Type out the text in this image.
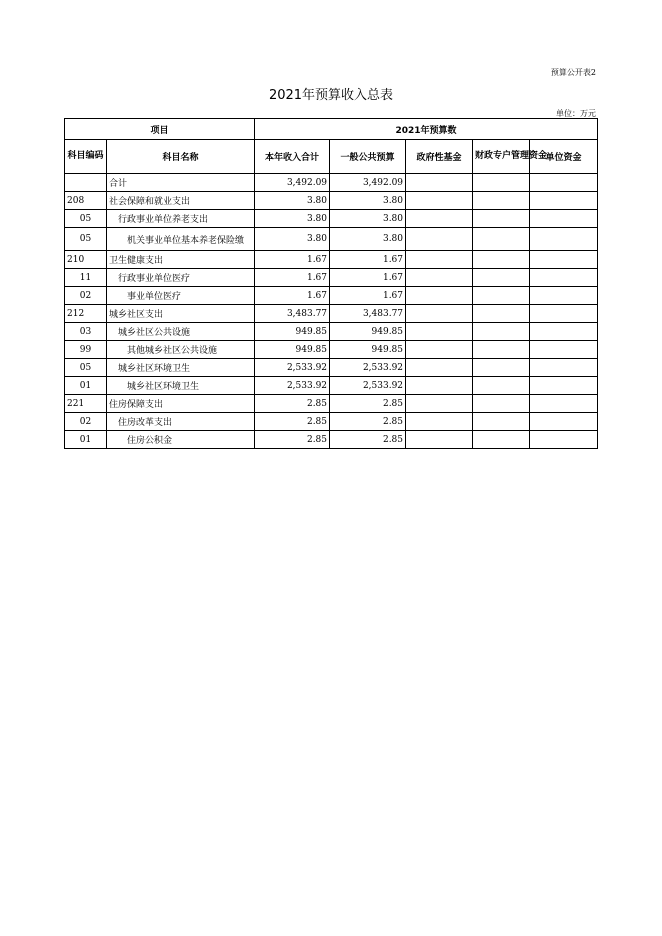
预算公开表2
2021年预算收入总表
单位：万元
项目		2021年预算数				
科目编码	科目名称	本年收入合计	一般公共预算	政府性基金	财政专户管理资金	单位资金
	合计	3,492.09	3,492.09			
208	社会保障和就业支出	3.80	3.80			
05	行政事业单位养老支出	3.80	3.80			
05	机关事业单位基本养老保险缴	3.80	3.80			
210	卫生健康支出	1.67	1.67			
11	行政事业单位医疗	1.67	1.67			
02	事业单位医疗	1.67	1.67			
212	城乡社区支出	3,483.77	3,483.77			
03	城乡社区公共设施	949.85	949.85			
99	其他城乡社区公共设施	949.85	949.85			
05	城乡社区环境卫生	2,533.92	2,533.92			
01	城乡社区环境卫生	2,533.92	2,533.92			
221	住房保障支出	2.85	2.85			
02	住房改革支出	2.85	2.85			
01	住房公积金	2.85	2.85			
